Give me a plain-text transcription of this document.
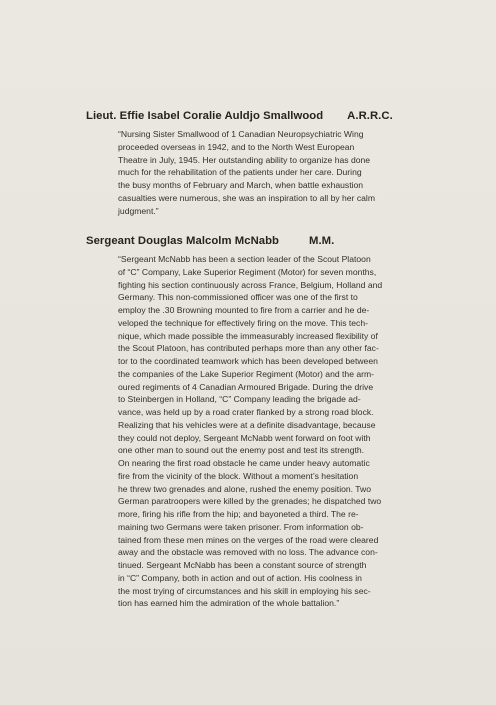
Lieut. Effie Isabel Coralie Auldjo Smallwood A.R.R.C.
“Nursing Sister Smallwood of 1 Canadian Neuropsychiatric Wing
proceeded overseas in 1942, and to the North West European
Theatre in July, 1945. Her outstanding ability to organize has done
much for the rehabilitation of the patients under her care. During
the busy months of February and March, when battle exhaustion
casualties were numerous, she was an inspiration to all by her calm
judgment.”
Sergeant Douglas Malcolm McNabb	M.M.
“Sergeant McNabb has been a section leader of the Scout Platoon
of “C” Company, Lake Superior Regiment (Motor) for seven months,
fighting his section continuously across France, Belgium, Holland and
Germany. This non-commissioned officer was one of the first to
employ the .30 Browning mounted to fire from a carrier and he de-
veloped the technique for effectively firing on the move. This tech-
nique, which made possible the immeasurably increased flexibility of
the Scout Platoon, has contributed perhaps more than any other fac-
tor to the coordinated teamwork which has been developed between
the companies of the Lake Superior Regiment (Motor) and the arm-
oured regiments of 4 Canadian Armoured Brigade. During the drive
to Steinbergen in Holland, “C” Company leading the brigade ad-
vance, was held up by a road crater flanked by a strong road block.
Realizing that his vehicles were at a definite disadvantage, because
they could not deploy, Sergeant McNabb went forward on foot with
one other man to sound out the enemy post and test its strength.
On nearing the first road obstacle he came under heavy automatic
fire from the vicinity of the block. Without a moment’s hesitation
he threw two grenades and alone, rushed the enemy position. Two
German paratroopers were killed by the grenades; he dispatched two
more, firing his rifle from the hip; and bayoneted a third. The re-
maining two Germans were taken prisoner. From information ob-
tained from these men mines on the verges of the road were cleared
away and the obstacle was removed with no loss. The advance con-
tinued. Sergeant McNabb has been a constant source of strength
in “C” Company, both in action and out of action. His coolness in
the most trying of circumstances and his skill in employing his sec-
tion has earned him the admiration of the whole battalion.”
